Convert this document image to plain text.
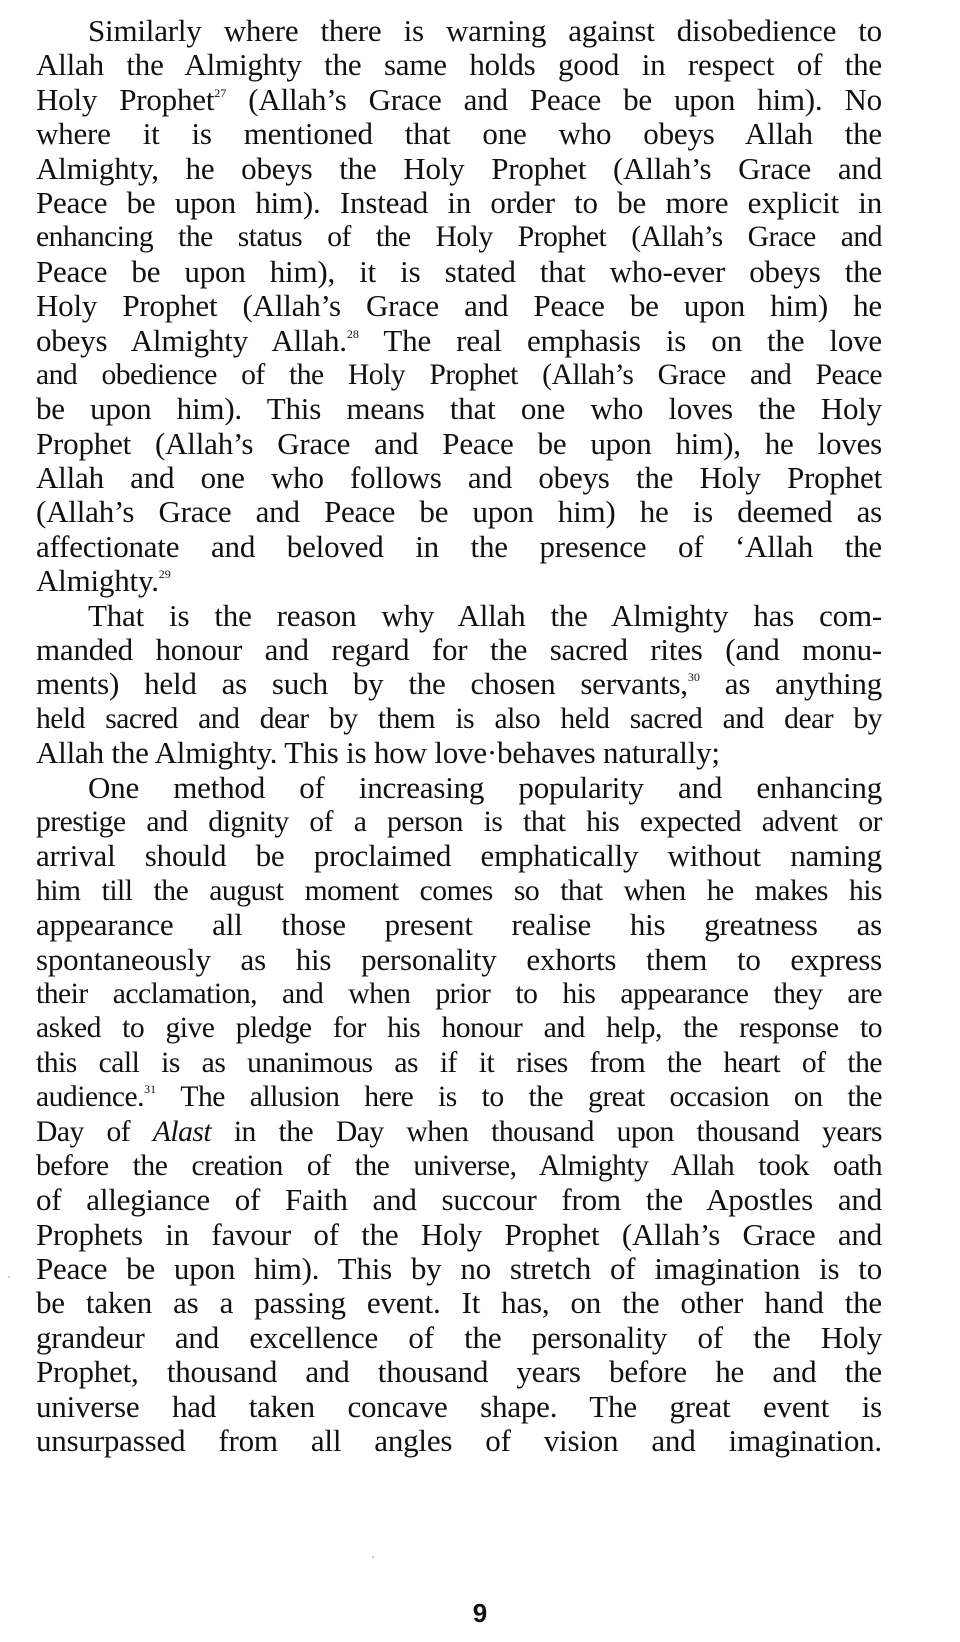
Similarly where there is warning against disobedience to
Allah the Almighty the same holds good in respect of the
Holy Prophet$^{27}$ (Allah’s Grace and Peace be upon him). No
where it is mentioned that one who obeys Allah the
Almighty, he obeys the Holy Prophet (Allah’s Grace and
Peace be upon him). Instead in order to be more explicit in
enhancing the status of the Holy Prophet (Allah’s Grace and
Peace be upon him), it is stated that who-ever obeys the
Holy Prophet (Allah’s Grace and Peace be upon him) he
obeys Almighty Allah.$^{28}$ The real emphasis is on the love
and obedience of the Holy Prophet (Allah’s Grace and Peace
be upon him). This means that one who loves the Holy
Prophet (Allah’s Grace and Peace be upon him), he loves
Allah and one who follows and obeys the Holy Prophet
(Allah’s Grace and Peace be upon him) he is deemed as
affectionate and beloved in the presence of ‘Allah the
Almighty.$^{29}$
That is the reason why Allah the Almighty has com-
manded honour and regard for the sacred rites (and monu-
ments) held as such by the chosen servants,$^{30}$ as anything
held sacred and dear by them is also held sacred and dear by
Allah the Almighty. This is how love·behaves naturally;
One method of increasing popularity and enhancing
prestige and dignity of a person is that his expected advent or
arrival should be proclaimed emphatically without naming
him till the august moment comes so that when he makes his
appearance all those present realise his greatness as
spontaneously as his personality exhorts them to express
their acclamation, and when prior to his appearance they are
asked to give pledge for his honour and help, the response to
this call is as unanimous as if it rises from the heart of the
audience.$^{31}$ The allusion here is to the great occasion on the
Day of Alast in the Day when thousand upon thousand years
before the creation of the universe, Almighty Allah took oath
of allegiance of Faith and succour from the Apostles and
Prophets in favour of the Holy Prophet (Allah’s Grace and
Peace be upon him). This by no stretch of imagination is to
be taken as a passing event. It has, on the other hand the
grandeur and excellence of the personality of the Holy
Prophet, thousand and thousand years before he and the
universe had taken concave shape. The great event is
unsurpassed from all angles of vision and imagination.
9
